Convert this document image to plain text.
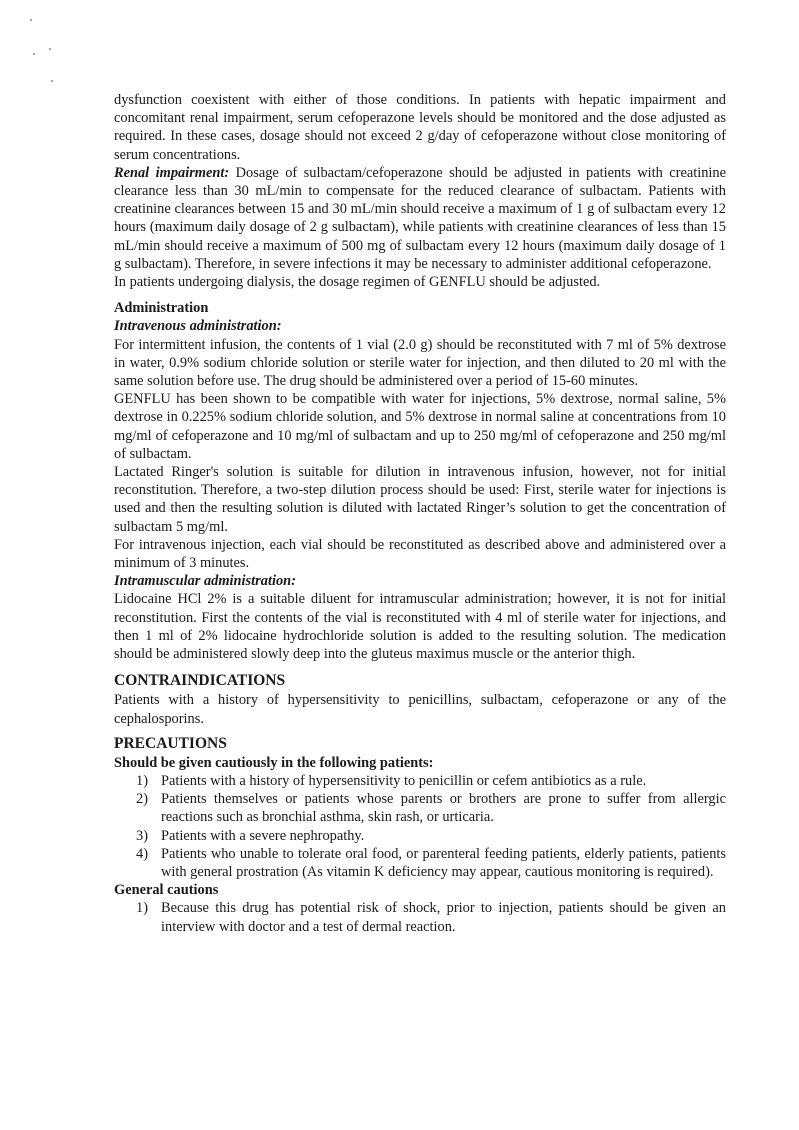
dysfunction coexistent with either of those conditions. In patients with hepatic impairment and concomitant renal impairment, serum cefoperazone levels should be monitored and the dose adjusted as required. In these cases, dosage should not exceed 2 g/day of cefoperazone without close monitoring of serum concentrations.

Renal impairment: Dosage of sulbactam/cefoperazone should be adjusted in patients with creatinine clearance less than 30 mL/min to compensate for the reduced clearance of sulbactam. Patients with creatinine clearances between 15 and 30 mL/min should receive a maximum of 1 g of sulbactam every 12 hours (maximum daily dosage of 2 g sulbactam), while patients with creatinine clearances of less than 15 mL/min should receive a maximum of 500 mg of sulbactam every 12 hours (maximum daily dosage of 1 g sulbactam). Therefore, in severe infections it may be necessary to administer additional cefoperazone.

In patients undergoing dialysis, the dosage regimen of GENFLU should be adjusted.

Administration

Intravenous administration:

For intermittent infusion, the contents of 1 vial (2.0 g) should be reconstituted with 7 ml of 5% dextrose in water, 0.9% sodium chloride solution or sterile water for injection, and then diluted to 20 ml with the same solution before use. The drug should be administered over a period of 15-60 minutes.

GENFLU has been shown to be compatible with water for injections, 5% dextrose, normal saline, 5% dextrose in 0.225% sodium chloride solution, and 5% dextrose in normal saline at concentrations from 10 mg/ml of cefoperazone and 10 mg/ml of sulbactam and up to 250 mg/ml of cefoperazone and 250 mg/ml of sulbactam.

Lactated Ringer's solution is suitable for dilution in intravenous infusion, however, not for initial reconstitution. Therefore, a two-step dilution process should be used: First, sterile water for injections is used and then the resulting solution is diluted with lactated Ringer’s solution to get the concentration of sulbactam 5 mg/ml.

For intravenous injection, each vial should be reconstituted as described above and administered over a minimum of 3 minutes.

Intramuscular administration:

Lidocaine HCl 2% is a suitable diluent for intramuscular administration; however, it is not for initial reconstitution. First the contents of the vial is reconstituted with 4 ml of sterile water for injections, and then 1 ml of 2% lidocaine hydrochloride solution is added to the resulting solution. The medication should be administered slowly deep into the gluteus maximus muscle or the anterior thigh.

CONTRAINDICATIONS

Patients with a history of hypersensitivity to penicillins, sulbactam, cefoperazone or any of the cephalosporins.

PRECAUTIONS

Should be given cautiously in the following patients:

1) Patients with a history of hypersensitivity to penicillin or cefem antibiotics as a rule.
2) Patients themselves or patients whose parents or brothers are prone to suffer from allergic reactions such as bronchial asthma, skin rash, or urticaria.
3) Patients with a severe nephropathy.
4) Patients who unable to tolerate oral food, or parenteral feeding patients, elderly patients, patients with general prostration (As vitamin K deficiency may appear, cautious monitoring is required).

General cautions

1) Because this drug has potential risk of shock, prior to injection, patients should be given an interview with doctor and a test of dermal reaction.
